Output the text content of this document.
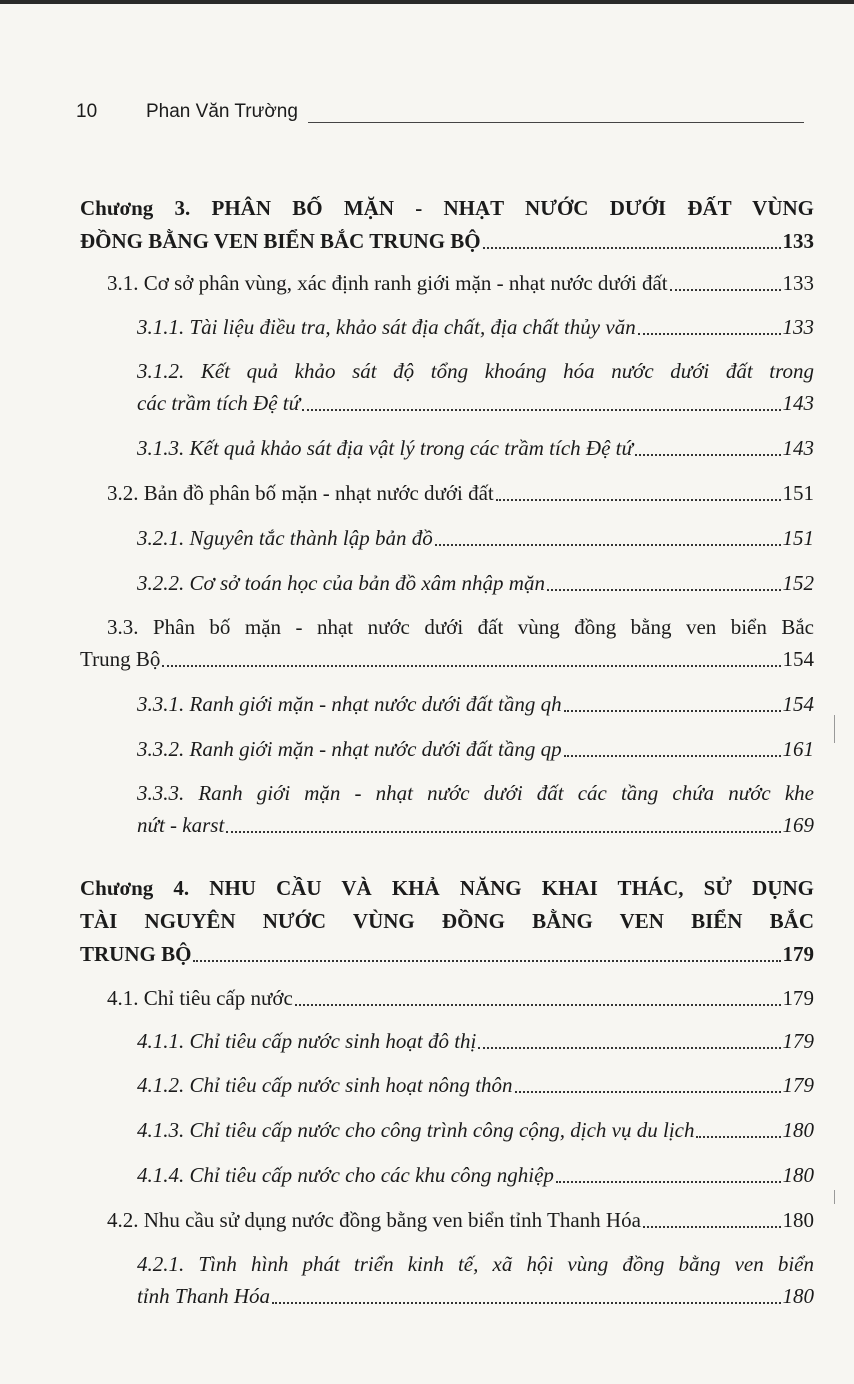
10	Phan Văn Trường
Chương 3. PHÂN BỐ MẶN - NHẠT NƯỚC DƯỚI ĐẤT VÙNG
ĐỒNG BẰNG VEN BIỂN BẮC TRUNG BỘ	133
3.1. Cơ sở phân vùng, xác định ranh giới mặn - nhạt nước dưới đất	133
3.1.1. Tài liệu điều tra, khảo sát địa chất, địa chất thủy văn	133
3.1.2. Kết quả khảo sát độ tổng khoáng hóa nước dưới đất trong
các trầm tích Đệ tứ	143
3.1.3. Kết quả khảo sát địa vật lý trong các trầm tích Đệ tứ	143
3.2. Bản đồ phân bố mặn - nhạt nước dưới đất	151
3.2.1. Nguyên tắc thành lập bản đồ	151
3.2.2. Cơ sở toán học của bản đồ xâm nhập mặn	152
3.3. Phân bố mặn - nhạt nước dưới đất vùng đồng bằng ven biển Bắc
Trung Bộ	154
3.3.1. Ranh giới mặn - nhạt nước dưới đất tầng qh	154
3.3.2. Ranh giới mặn - nhạt nước dưới đất tầng qp	161
3.3.3. Ranh giới mặn - nhạt nước dưới đất các tầng chứa nước khe
nứt - karst	169
Chương 4. NHU CẦU VÀ KHẢ NĂNG KHAI THÁC, SỬ DỤNG
TÀI NGUYÊN NƯỚC VÙNG ĐỒNG BẰNG VEN BIỂN BẮC
TRUNG BỘ	179
4.1. Chỉ tiêu cấp nước	179
4.1.1. Chỉ tiêu cấp nước sinh hoạt đô thị	179
4.1.2. Chỉ tiêu cấp nước sinh hoạt nông thôn	179
4.1.3. Chỉ tiêu cấp nước cho công trình công cộng, dịch vụ du lịch	180
4.1.4. Chỉ tiêu cấp nước cho các khu công nghiệp	180
4.2. Nhu cầu sử dụng nước đồng bằng ven biển tỉnh Thanh Hóa	180
4.2.1. Tình hình phát triển kinh tế, xã hội vùng đồng bằng ven biển
tỉnh Thanh Hóa	180
